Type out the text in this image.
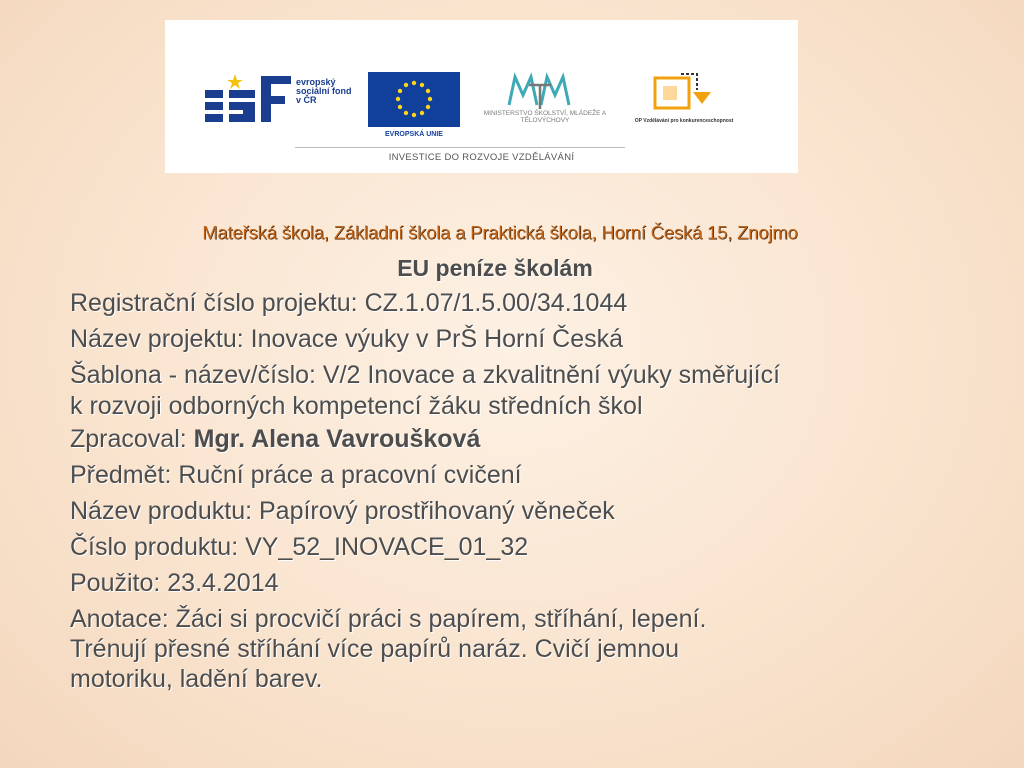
evropský sociální fond v ČR
EVROPSKÁ UNIE
MINISTERSTVO ŠKOLSTVÍ, MLÁDEŽE A TĚLOVÝCHOVY	OP Vzdělávání pro konkurenceschopnost
INVESTICE DO ROZVOJE VZDĚLÁVÁNÍ
Mateřská škola, Základní škola a Praktická škola, Horní Česká 15, Znojmo
EU peníze školám
Registrační číslo projektu: CZ.1.07/1.5.00/34.1044
Název projektu: Inovace výuky v PrŠ Horní Česká
Šablona - název/číslo: V/2 Inovace a zkvalitnění výuky směřující
k rozvoji odborných kompetencí žáku středních škol
Zpracoval: Mgr. Alena Vavroušková
Předmět: Ruční práce a pracovní cvičení
Název produktu: Papírový prostřihovaný věneček
Číslo produktu: VY_52_INOVACE_01_32
Použito: 23.4.2014
Anotace: Žáci si procvičí práci s papírem, stříhání, lepení.
Trénují přesné stříhání více papírů naráz. Cvičí jemnou
motoriku, ladění barev.
